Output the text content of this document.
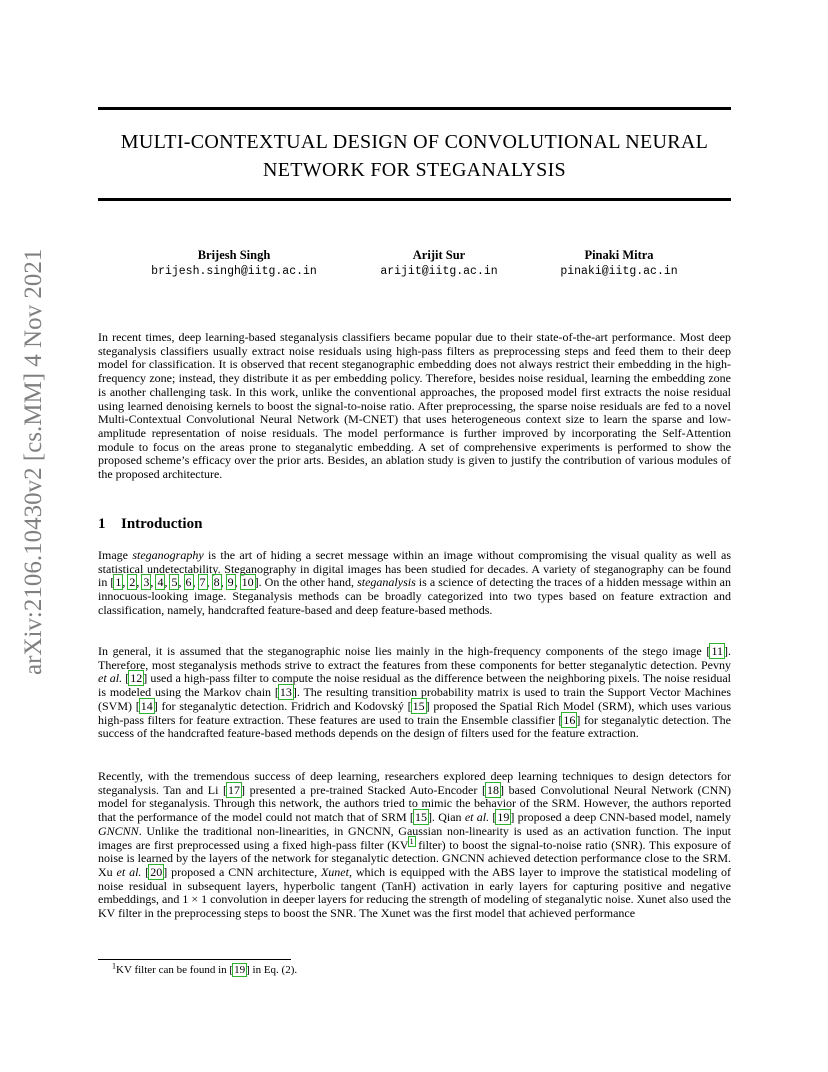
arXiv:2106.10430v2 [cs.MM] 4 Nov 2021
MULTI-CONTEXTUAL DESIGN OF CONVOLUTIONAL NEURAL
NETWORK FOR STEGANALYSIS
Brijesh Singh
brijesh.singh@iitg.ac.in
Arijit Sur
arijit@iitg.ac.in
Pinaki Mitra
pinaki@iitg.ac.in
In recent times, deep learning-based steganalysis classifiers became popular due to their state-of-the-art performance. Most deep steganalysis classifiers usually extract noise residuals using high-pass filters as preprocessing steps and feed them to their deep model for classification. It is observed that recent steganographic embedding does not always restrict their embedding in the high-frequency zone; instead, they distribute it as per embedding policy. Therefore, besides noise residual, learning the embedding zone is another challenging task. In this work, unlike the conventional approaches, the proposed model first extracts the noise residual using learned denoising kernels to boost the signal-to-noise ratio. After preprocessing, the sparse noise residuals are fed to a novel Multi-Contextual Convolutional Neural Network (M-CNET) that uses heterogeneous context size to learn the sparse and low-amplitude representation of noise residuals. The model performance is further improved by incorporating the Self-Attention module to focus on the areas prone to steganalytic embedding. A set of comprehensive experiments is performed to show the proposed scheme’s efficacy over the prior arts. Besides, an ablation study is given to justify the contribution of various modules of the proposed architecture.
1 Introduction
Image steganography is the art of hiding a secret message within an image without compromising the visual quality as well as statistical undetectability. Steganography in digital images has been studied for decades. A variety of steganography can be found in [1, 2, 3, 4, 5, 6, 7, 8, 9, 10]. On the other hand, steganalysis is a science of detecting the traces of a hidden message within an innocuous-looking image. Steganalysis methods can be broadly categorized into two types based on feature extraction and classification, namely, handcrafted feature-based and deep feature-based methods.
In general, it is assumed that the steganographic noise lies mainly in the high-frequency components of the stego image [11]. Therefore, most steganalysis methods strive to extract the features from these components for better steganalytic detection. Pevny et al. [12] used a high-pass filter to compute the noise residual as the difference between the neighboring pixels. The noise residual is modeled using the Markov chain [13]. The resulting transition probability matrix is used to train the Support Vector Machines (SVM) [14] for steganalytic detection. Fridrich and Kodovský [15] proposed the Spatial Rich Model (SRM), which uses various high-pass filters for feature extraction. These features are used to train the Ensemble classifier [16] for steganalytic detection. The success of the handcrafted feature-based methods depends on the design of filters used for the feature extraction.
Recently, with the tremendous success of deep learning, researchers explored deep learning techniques to design detectors for steganalysis. Tan and Li [17] presented a pre-trained Stacked Auto-Encoder [18] based Convolutional Neural Network (CNN) model for steganalysis. Through this network, the authors tried to mimic the behavior of the SRM. However, the authors reported that the performance of the model could not match that of SRM [15]. Qian et al. [19] proposed a deep CNN-based model, namely GNCNN. Unlike the traditional non-linearities, in GNCNN, Gaussian non-linearity is used as an activation function. The input images are first preprocessed using a fixed high-pass filter ($KV^1$ filter) to boost the signal-to-noise ratio (SNR). This exposure of noise is learned by the layers of the network for steganalytic detection. GNCNN achieved detection performance close to the SRM. Xu et al. [20] proposed a CNN architecture, Xunet, which is equipped with the ABS layer to improve the statistical modeling of noise residual in subsequent layers, hyperbolic tangent (TanH) activation in early layers for capturing positive and negative embeddings, and 1 × 1 convolution in deeper layers for reducing the strength of modeling of steganalytic noise. Xunet also used the KV filter in the preprocessing steps to boost the SNR. The Xunet was the first model that achieved performance
$^1$KV filter can be found in [19] in Eq. (2).
